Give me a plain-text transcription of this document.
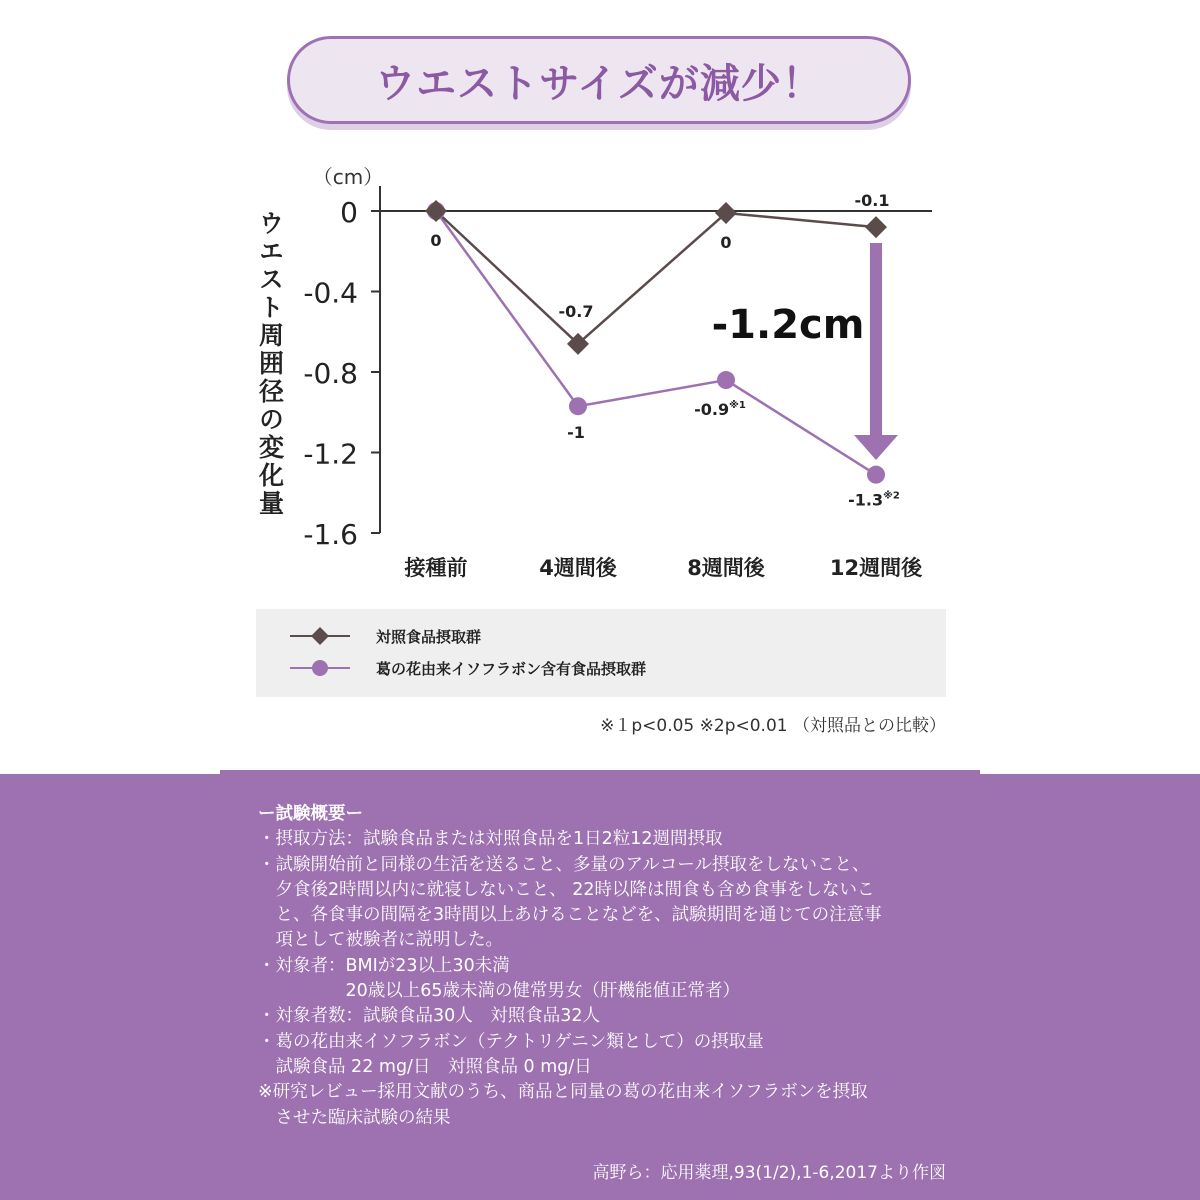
ウエストサイズが減少！
0
-0.4
-0.8
-1.2
-1.6
（cm）
ウエスト周囲径の変化量
接種前	4週間後	8週間後	12週間後
0
-0.7
0
-0.1
-1
-0.9$^{※1}$
-1.3$^{※2}$
-1.2cm
対照食品摂取群
葛の花由来イソフラボン含有食品摂取群
※１p<0.05 ※2p<0.01 （対照品との比較）
ー試験概要ー
・摂取方法：試験食品または対照食品を1日2粒12週間摂取
・試験開始前と同様の生活を送ること、多量のアルコール摂取をしないこと、
　夕食後2時間以内に就寝しないこと、 22時以降は間食も含め食事をしないこ
　と、各食事の間隔を3時間以上あけることなどを、試験期間を通じての注意事
　項として被験者に説明した。
・対象者：BMIが23以上30未満
　　　　　20歳以上65歳未満の健常男女（肝機能値正常者）
・対象者数：試験食品30人　対照食品32人
・葛の花由来イソフラボン（テクトリゲニン類として）の摂取量
　試験食品 22 mg/日　対照食品 0 mg/日
※研究レビュー採用文献のうち、商品と同量の葛の花由来イソフラボンを摂取
　させた臨床試験の結果
高野ら：応用薬理,93(1/2),1-6,2017より作図
